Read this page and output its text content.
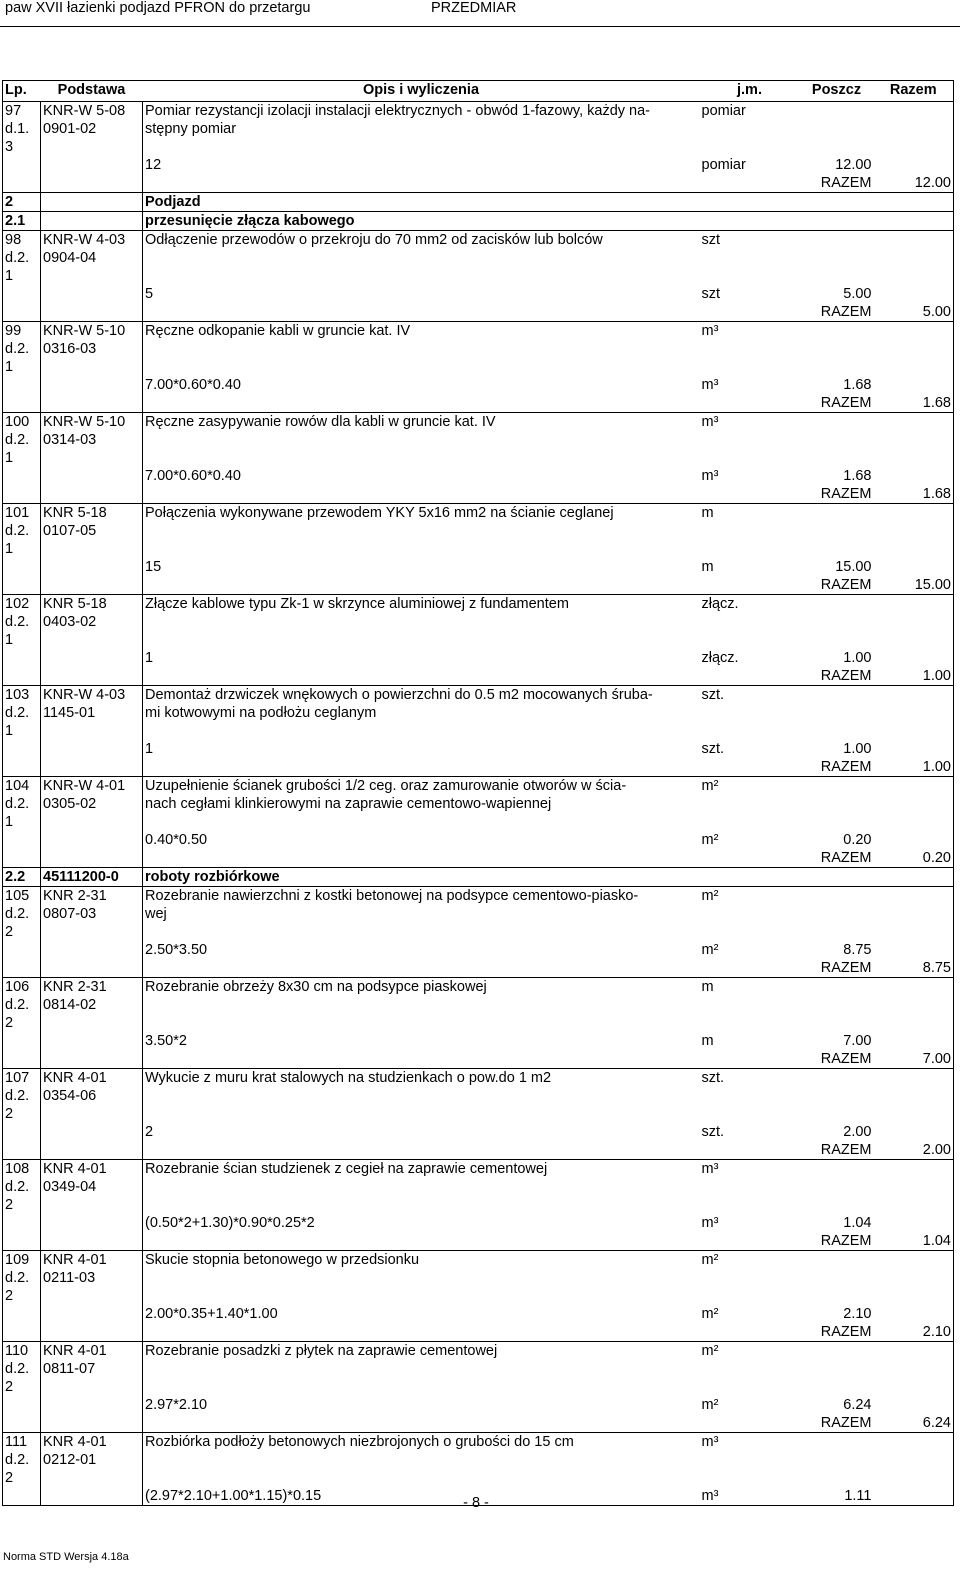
paw XVII łazienki podjazd PFRON do przetargu	PRZEDMIAR
Lp.	Podstawa	Opis i wyliczenia	j.m.	Poszcz	Razem
97	KNR-W 5-08	Pomiar rezystancji izolacji instalacji elektrycznych - obwód 1-fazowy, każdy na-	pomiar		
d.1.	0901-02	stępny pomiar			
3					
		12	pomiar	12.00	
			RAZEM		12.00
2		Podjazd			
2.1		przesunięcie złącza kabowego			
98	KNR-W 4-03	Odłączenie przewodów o przekroju do 70 mm2 od zacisków lub bolców	szt		
d.2.	0904-04				
1					
		5	szt	5.00	
			RAZEM		5.00
99	KNR-W 5-10	Ręczne odkopanie kabli w gruncie kat. IV	m³		
d.2.	0316-03				
1					
		7.00*0.60*0.40	m³	1.68	
			RAZEM		1.68
100	KNR-W 5-10	Ręczne zasypywanie rowów dla kabli w gruncie kat. IV	m³		
d.2.	0314-03				
1					
		7.00*0.60*0.40	m³	1.68	
			RAZEM		1.68
101	KNR 5-18	Połączenia wykonywane przewodem YKY 5x16 mm2 na ścianie ceglanej	m		
d.2.	0107-05				
1					
		15	m	15.00	
			RAZEM		15.00
102	KNR 5-18	Złącze kablowe typu Zk-1 w skrzynce aluminiowej z fundamentem	złącz.		
d.2.	0403-02				
1					
		1	złącz.	1.00	
			RAZEM		1.00
103	KNR-W 4-03	Demontaż drzwiczek wnękowych o powierzchni do 0.5 m2 mocowanych śruba-	szt.		
d.2.	1145-01	mi kotwowymi na podłożu ceglanym			
1					
		1	szt.	1.00	
			RAZEM		1.00
104	KNR-W 4-01	Uzupełnienie ścianek grubości 1/2 ceg. oraz zamurowanie otworów w ścia-	m²		
d.2.	0305-02	nach cegłami klinkierowymi na zaprawie cementowo-wapiennej			
1					
		0.40*0.50	m²	0.20	
			RAZEM		0.20
2.2	45111200-0	roboty rozbiórkowe			
105	KNR 2-31	Rozebranie nawierzchni z kostki betonowej na podsypce cementowo-piasko-	m²		
d.2.	0807-03	wej			
2					
		2.50*3.50	m²	8.75	
			RAZEM		8.75
106	KNR 2-31	Rozebranie obrzeży 8x30 cm na podsypce piaskowej	m		
d.2.	0814-02				
2					
		3.50*2	m	7.00	
			RAZEM		7.00
107	KNR 4-01	Wykucie z muru krat stalowych na studzienkach o pow.do 1 m2	szt.		
d.2.	0354-06				
2					
		2	szt.	2.00	
			RAZEM		2.00
108	KNR 4-01	Rozebranie ścian studzienek z cegieł na zaprawie cementowej	m³		
d.2.	0349-04				
2					
		(0.50*2+1.30)*0.90*0.25*2	m³	1.04	
			RAZEM		1.04
109	KNR 4-01	Skucie stopnia betonowego w przedsionku	m²		
d.2.	0211-03				
2					
		2.00*0.35+1.40*1.00	m²	2.10	
			RAZEM		2.10
110	KNR 4-01	Rozebranie posadzki z płytek na zaprawie cementowej	m²		
d.2.	0811-07				
2					
		2.97*2.10	m²	6.24	
			RAZEM		6.24
111	KNR 4-01	Rozbiórka podłoży betonowych niezbrojonych o grubości do 15 cm	m³		
d.2.	0212-01				
2					
		(2.97*2.10+1.00*1.15)*0.15	m³	1.11	

- 8 -
Norma STD Wersja 4.18a
